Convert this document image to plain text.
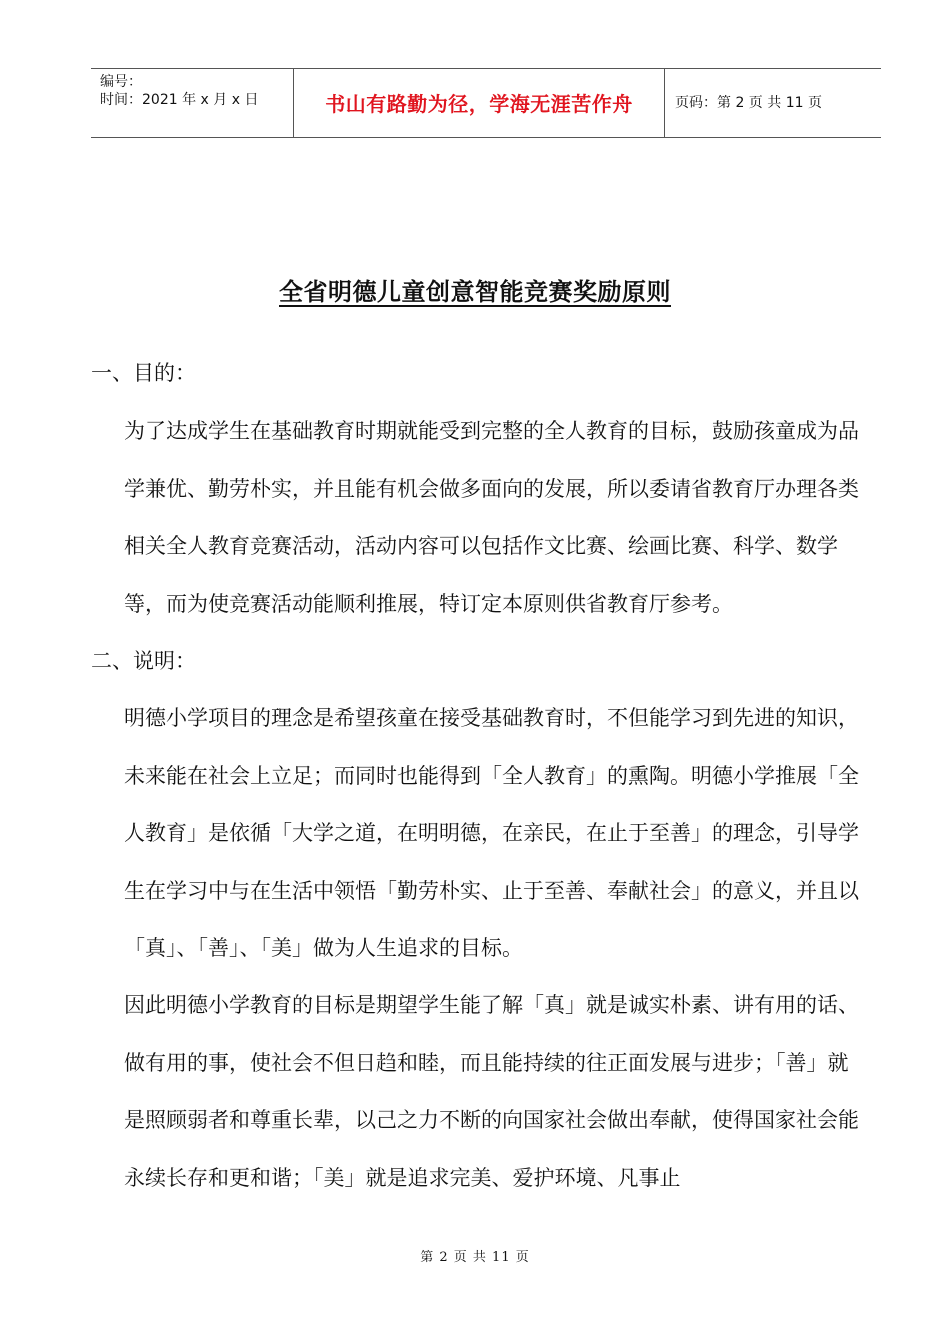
编号：
时间：2021 年 x 月 x 日	书山有路勤为径，学海无涯苦作舟	页码：第 2 页 共 11 页
全省明德儿童创意智能竞赛奖励原则
一、目的：

为了达成学生在基础教育时期就能受到完整的全人教育的目标，鼓励孩童成为品学兼优、勤劳朴实，并且能有机会做多面向的发展，所以委请省教育厅办理各类相关全人教育竞赛活动，活动内容可以包括作文比赛、绘画比赛、科学、数学等，而为使竞赛活动能顺利推展，特订定本原则供省教育厅参考。

二、说明：

明德小学项目的理念是希望孩童在接受基础教育时，不但能学习到先进的知识，未来能在社会上立足；而同时也能得到「全人教育」的熏陶。明德小学推展「全人教育」是依循「大学之道，在明明德，在亲民，在止于至善」的理念，引导学生在学习中与在生活中领悟「勤劳朴实、止于至善、奉献社会」的意义，并且以「真」、「善」、「美」做为人生追求的目标。

因此明德小学教育的目标是期望学生能了解「真」就是诚实朴素、讲有用的话、做有用的事，使社会不但日趋和睦，而且能持续的往正面发展与进步；「善」就是照顾弱者和尊重长辈，以己之力不断的向国家社会做出奉献，使得国家社会能永续长存和更和谐；「美」就是追求完美、爱护环境、凡事止

第 2 页 共 11 页
